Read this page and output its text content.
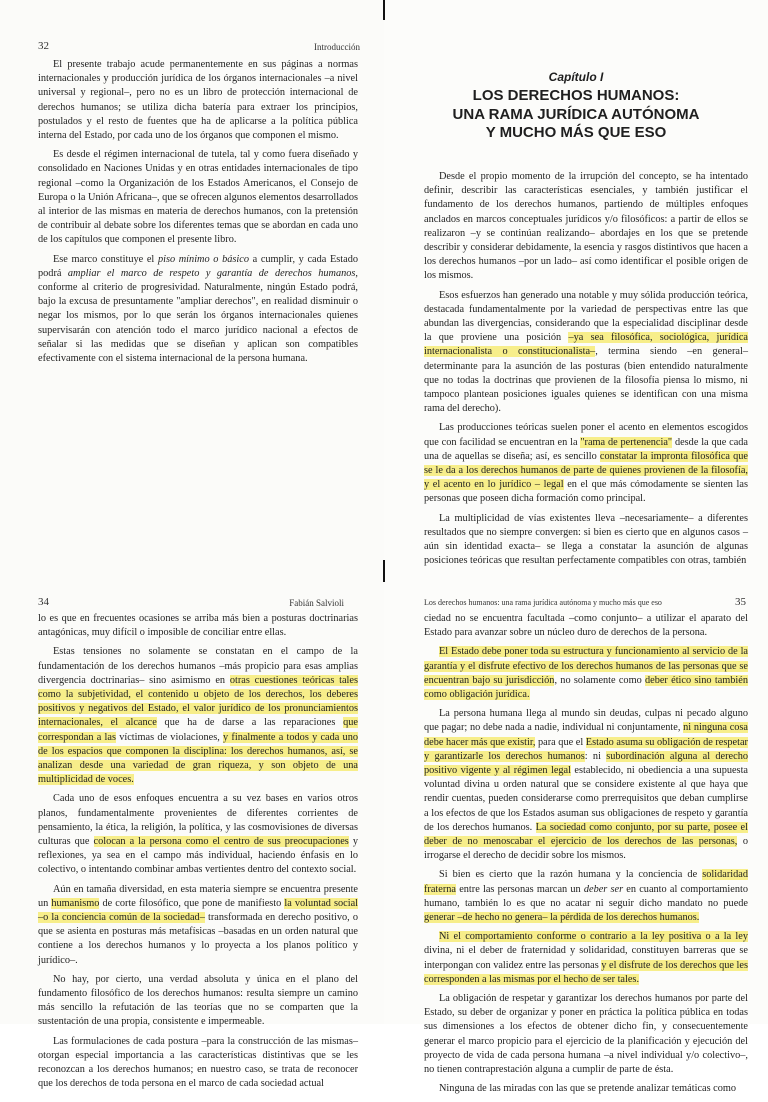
32	Introducción

El presente trabajo acude permanentemente en sus páginas a normas internacionales y producción jurídica de los órganos internacionales –a nivel universal y regional–, pero no es un libro de protección internacional de derechos humanos; se utiliza dicha batería para extraer los principios, postulados y el resto de fuentes que ha de aplicarse a la política pública interna del Estado, por cada uno de los órganos que componen el mismo.

Es desde el régimen internacional de tutela, tal y como fuera diseñado y consolidado en Naciones Unidas y en otras entidades internacionales de tipo regional –como la Organización de los Estados Americanos, el Consejo de Europa o la Unión Africana–, que se ofrecen algunos elementos desarrollados al interior de las mismas en materia de derechos humanos, con la pretensión de contribuir al debate sobre los diferentes temas que se abordan en cada uno de los capítulos que componen el presente libro.

Ese marco constituye el piso mínimo o básico a cumplir, y cada Estado podrá ampliar el marco de respeto y garantía de derechos humanos, conforme al criterio de progresividad. Naturalmente, ningún Estado podrá, bajo la excusa de presuntamente "ampliar derechos", en realidad disminuir o negar los mismos, por lo que serán los órganos internacionales quienes supervisarán con atención todo el marco jurídico nacional a efectos de señalar si las medidas que se diseñan y aplican son compatibles efectivamente con el sistema internacional de la persona humana.

Capítulo I
LOS DERECHOS HUMANOS:
UNA RAMA JURÍDICA AUTÓNOMA
Y MUCHO MÁS QUE ESO

Desde el propio momento de la irrupción del concepto, se ha intentado definir, describir las características esenciales, y también justificar el fundamento de los derechos humanos, partiendo de múltiples enfoques anclados en marcos conceptuales jurídicos y/o filosóficos: a partir de ellos se realizaron –y se continúan realizando– abordajes en los que se pretende describir y considerar debidamente, la esencia y rasgos distintivos que hacen a los derechos humanos –por un lado– así como identificar el posible origen de los mismos.

Esos esfuerzos han generado una notable y muy sólida producción teórica, destacada fundamentalmente por la variedad de perspectivas entre las que abundan las divergencias, considerando que la especialidad disciplinar desde la que proviene una posición –ya sea filosófica, sociológica, jurídica internacionalista o constitucionalista–, termina siendo –en general– determinante para la asunción de las posturas (bien entendido naturalmente que no todas la doctrinas que provienen de la filosofía piensa lo mismo, ni tampoco plantean posiciones iguales quienes se identifican con una misma rama del derecho).

Las producciones teóricas suelen poner el acento en elementos escogidos que con facilidad se encuentran en la "rama de pertenencia" desde la que cada una de aquellas se diseña; así, es sencillo constatar la impronta filosófica que se le da a los derechos humanos de parte de quienes provienen de la filosofía, y el acento en lo jurídico – legal en el que más cómodamente se sienten las personas que poseen dicha formación como principal.

La multiplicidad de vías existentes lleva –necesariamente– a diferentes resultados que no siempre convergen: si bien es cierto que en algunos casos –aún sin identidad exacta– se llega a constatar la asunción de algunas posiciones teóricas que resultan perfectamente compatibles con otras, también

34	Fabián Salvioli

lo es que en frecuentes ocasiones se arriba más bien a posturas doctrinarias antagónicas, muy difícil o imposible de conciliar entre ellas.

Estas tensiones no solamente se constatan en el campo de la fundamentación de los derechos humanos –más propicio para esas amplias divergencia doctrinarias– sino asimismo en otras cuestiones teóricas tales como la subjetividad, el contenido u objeto de los derechos, los deberes positivos y negativos del Estado, el valor jurídico de los pronunciamientos internacionales, el alcance que ha de darse a las reparaciones que correspondan a las víctimas de violaciones, y finalmente a todos y cada uno de los espacios que componen la disciplina: los derechos humanos, así, se analizan desde una variedad de gran riqueza, y son objeto de una multiplicidad de voces.

Cada uno de esos enfoques encuentra a su vez bases en varios otros planos, fundamentalmente provenientes de diferentes corrientes de pensamiento, la ética, la religión, la política, y las cosmovisiones de diversas culturas que colocan a la persona como el centro de sus preocupaciones y reflexiones, ya sea en el campo más individual, haciendo énfasis en lo colectivo, o intentando combinar ambas vertientes dentro del contexto social.

Aún en tamaña diversidad, en esta materia siempre se encuentra presente un humanismo de corte filosófico, que pone de manifiesto la voluntad social –o la conciencia común de la sociedad– transformada en derecho positivo, o que se asienta en posturas más metafísicas –basadas en un orden natural que contiene a los derechos humanos y lo proyecta a los planos político y jurídico–.

No hay, por cierto, una verdad absoluta y única en el plano del fundamento filosófico de los derechos humanos: resulta siempre un camino más sencillo la refutación de las teorías que no se comparten que la sustentación de una propia, consistente e impermeable.

Las formulaciones de cada postura –para la construcción de las mismas– otorgan especial importancia a las características distintivas que se les reconozcan a los derechos humanos; en nuestro caso, se trata de reconocer que los derechos de toda persona en el marco de cada sociedad actual

Los derechos humanos: una rama jurídica autónoma y mucho más que eso	35

ciedad no se encuentra facultada –como conjunto– a utilizar el aparato del Estado para avanzar sobre un núcleo duro de derechos de la persona.

El Estado debe poner toda su estructura y funcionamiento al servicio de la garantía y el disfrute efectivo de los derechos humanos de las personas que se encuentran bajo su jurisdicción, no solamente como deber ético sino también como obligación jurídica.

La persona humana llega al mundo sin deudas, culpas ni pecado alguno que pagar; no debe nada a nadie, individual ni conjuntamente, ni ninguna cosa debe hacer más que existir, para que el Estado asuma su obligación de respetar y garantizarle los derechos humanos: ni subordinación alguna al derecho positivo vigente y al régimen legal establecido, ni obediencia a una supuesta voluntad divina u orden natural que se considere existente al que haya que rendir cuentas, pueden considerarse como prerrequisitos que deban cumplirse a los efectos de que los Estados asuman sus obligaciones de respeto y garantía de los derechos humanos. La sociedad como conjunto, por su parte, posee el deber de no menoscabar el ejercicio de los derechos de las personas, o irrogarse el derecho de decidir sobre los mismos.

Si bien es cierto que la razón humana y la conciencia de solidaridad fraterna entre las personas marcan un deber ser en cuanto al comportamiento humano, también lo es que no acatar ni seguir dicho mandato no puede generar –de hecho no genera– la pérdida de los derechos humanos.

Ni el comportamiento conforme o contrario a la ley positiva o a la ley divina, ni el deber de fraternidad y solidaridad, constituyen barreras que se interpongan con validez entre las personas y el disfrute de los derechos que les corresponden a las mismas por el hecho de ser tales.

La obligación de respetar y garantizar los derechos humanos por parte del Estado, su deber de organizar y poner en práctica la política pública en todas sus dimensiones a los efectos de obtener dicho fin, y consecuentemente generar el marco propicio para el ejercicio de la planificación y ejecución del proyecto de vida de cada persona humana –a nivel individual y/o colectivo–, no tienen contraprestación alguna a cumplir de parte de ésta.

Ninguna de las miradas con las que se pretende analizar temáticas como
